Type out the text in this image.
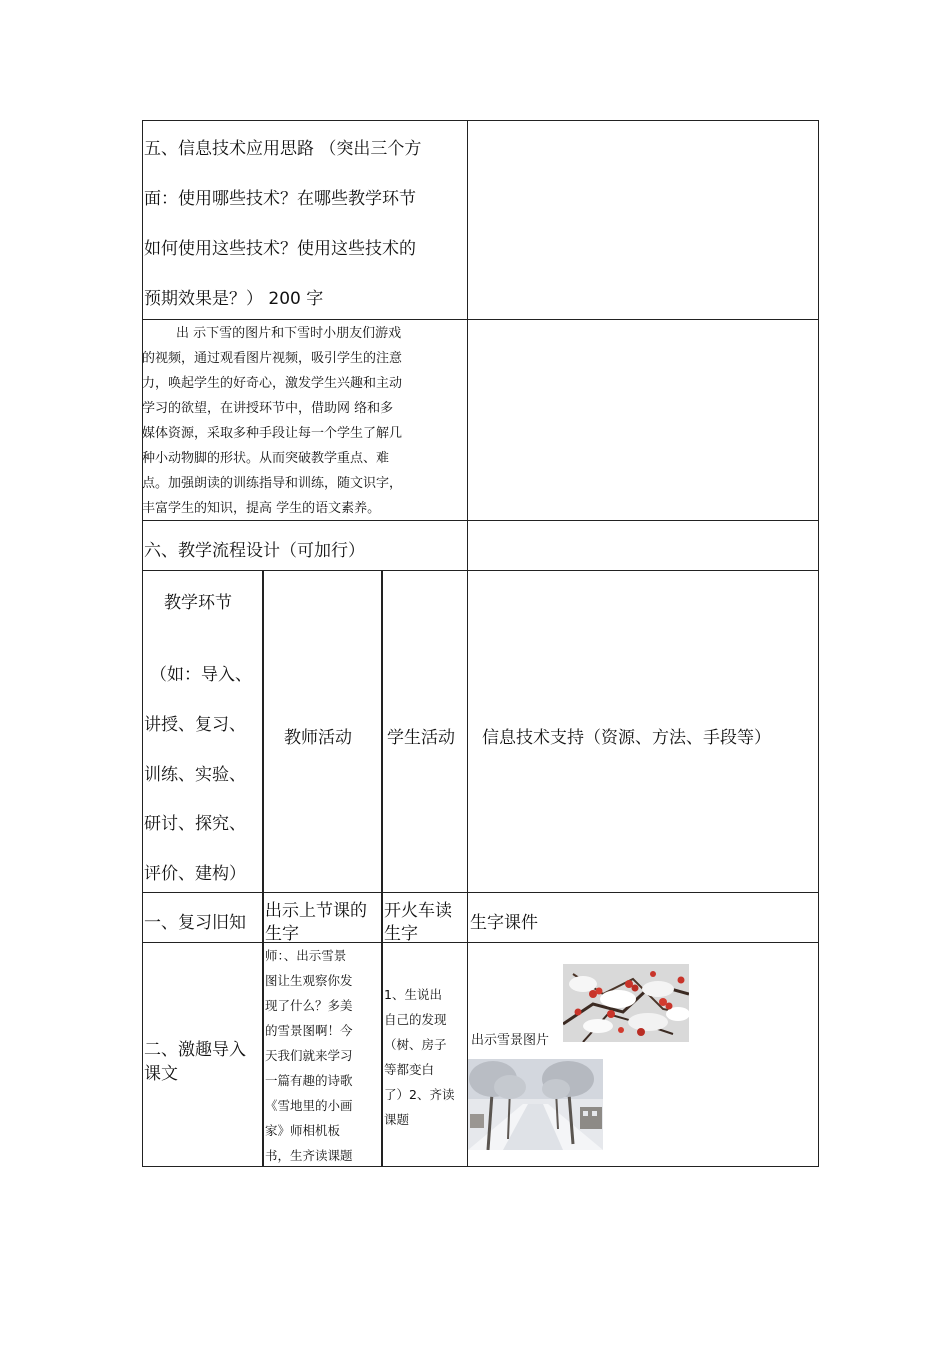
五、信息技术应用思路 （突出三个方
面：使用哪些技术？在哪些教学环节
如何使用这些技术？使用这些技术的
预期效果是？） 200 字
出 示下雪的图片和下雪时小朋友们游戏
的视频，通过观看图片视频，吸引学生的注意
力，唤起学生的好奇心，激发学生兴趣和主动
学习的欲望，在讲授环节中，借助网 络和多
媒体资源，采取多种手段让每一个学生了解几
种小动物脚的形状。从而突破教学重点、难
点。加强朗读的训练指导和训练，随文识字，
丰富学生的知识，提高 学生的语文素养。
六、教学流程设计（可加行）
教学环节
（如：导入、
讲授、复习、
训练、实验、
研讨、探究、
评价、建构）
教师活动 学生活动 信息技术支持（资源、方法、手段等）
一、复习旧知
出示上节课的
生字
开火车读
生字
生字课件
二、激趣导入
课文
师：、出示雪景
图让生观察你发
现了什么？多美
的雪景图啊！今
天我们就来学习
一篇有趣的诗歌
《雪地里的小画
家》师相机板
书，生齐读课题
1、生说出
自己的发现
（树、房子
等都变白
了）2、齐读
课题
出示雪景图片
